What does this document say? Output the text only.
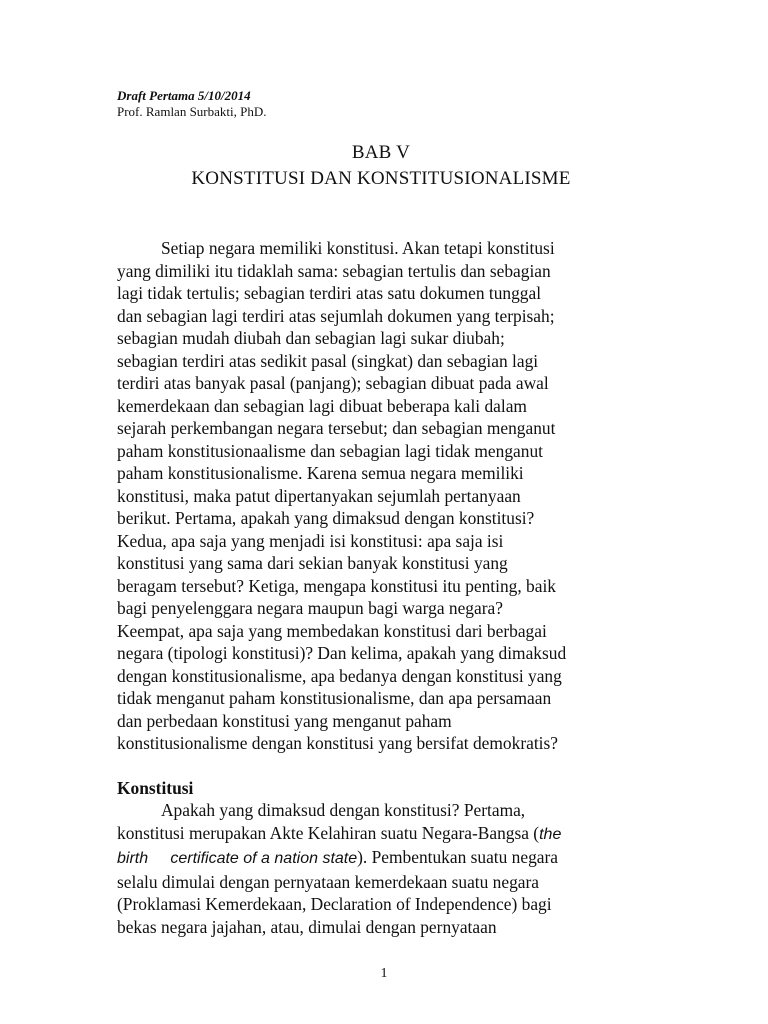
Draft Pertama 5/10/2014
Prof. Ramlan Surbakti, PhD.
BAB V
KONSTITUSI DAN KONSTITUSIONALISME
Setiap negara memiliki konstitusi. Akan tetapi konstitusi
yang dimiliki itu tidaklah sama: sebagian tertulis dan sebagian
lagi tidak tertulis; sebagian terdiri atas satu dokumen tunggal
dan sebagian lagi terdiri atas sejumlah dokumen yang terpisah;
sebagian mudah diubah dan sebagian lagi sukar diubah;
sebagian terdiri atas sedikit pasal (singkat) dan sebagian lagi
terdiri atas banyak pasal (panjang); sebagian dibuat pada awal
kemerdekaan dan sebagian lagi dibuat beberapa kali dalam
sejarah perkembangan negara tersebut; dan sebagian menganut
paham konstitusionaalisme dan sebagian lagi tidak menganut
paham konstitusionalisme. Karena semua negara memiliki
konstitusi, maka patut dipertanyakan sejumlah pertanyaan
berikut. Pertama, apakah yang dimaksud dengan konstitusi?
Kedua, apa saja yang menjadi isi konstitusi: apa saja isi
konstitusi yang sama dari sekian banyak konstitusi yang
beragam tersebut? Ketiga, mengapa konstitusi itu penting, baik
bagi penyelenggara negara maupun bagi warga negara?
Keempat, apa saja yang membedakan konstitusi dari berbagai
negara (tipologi konstitusi)? Dan kelima, apakah yang dimaksud
dengan konstitusionalisme, apa bedanya dengan konstitusi yang
tidak menganut paham konstitusionalisme, dan apa persamaan
dan perbedaan konstitusi yang menganut paham
konstitusionalisme dengan konstitusi yang bersifat demokratis?
Konstitusi
Apakah yang dimaksud dengan konstitusi? Pertama,
konstitusi merupakan Akte Kelahiran suatu Negara-Bangsa (the
birth     certificate of a nation state). Pembentukan suatu negara
selalu dimulai dengan pernyataan kemerdekaan suatu negara
(Proklamasi Kemerdekaan, Declaration of Independence) bagi
bekas negara jajahan, atau, dimulai dengan pernyataan
1
